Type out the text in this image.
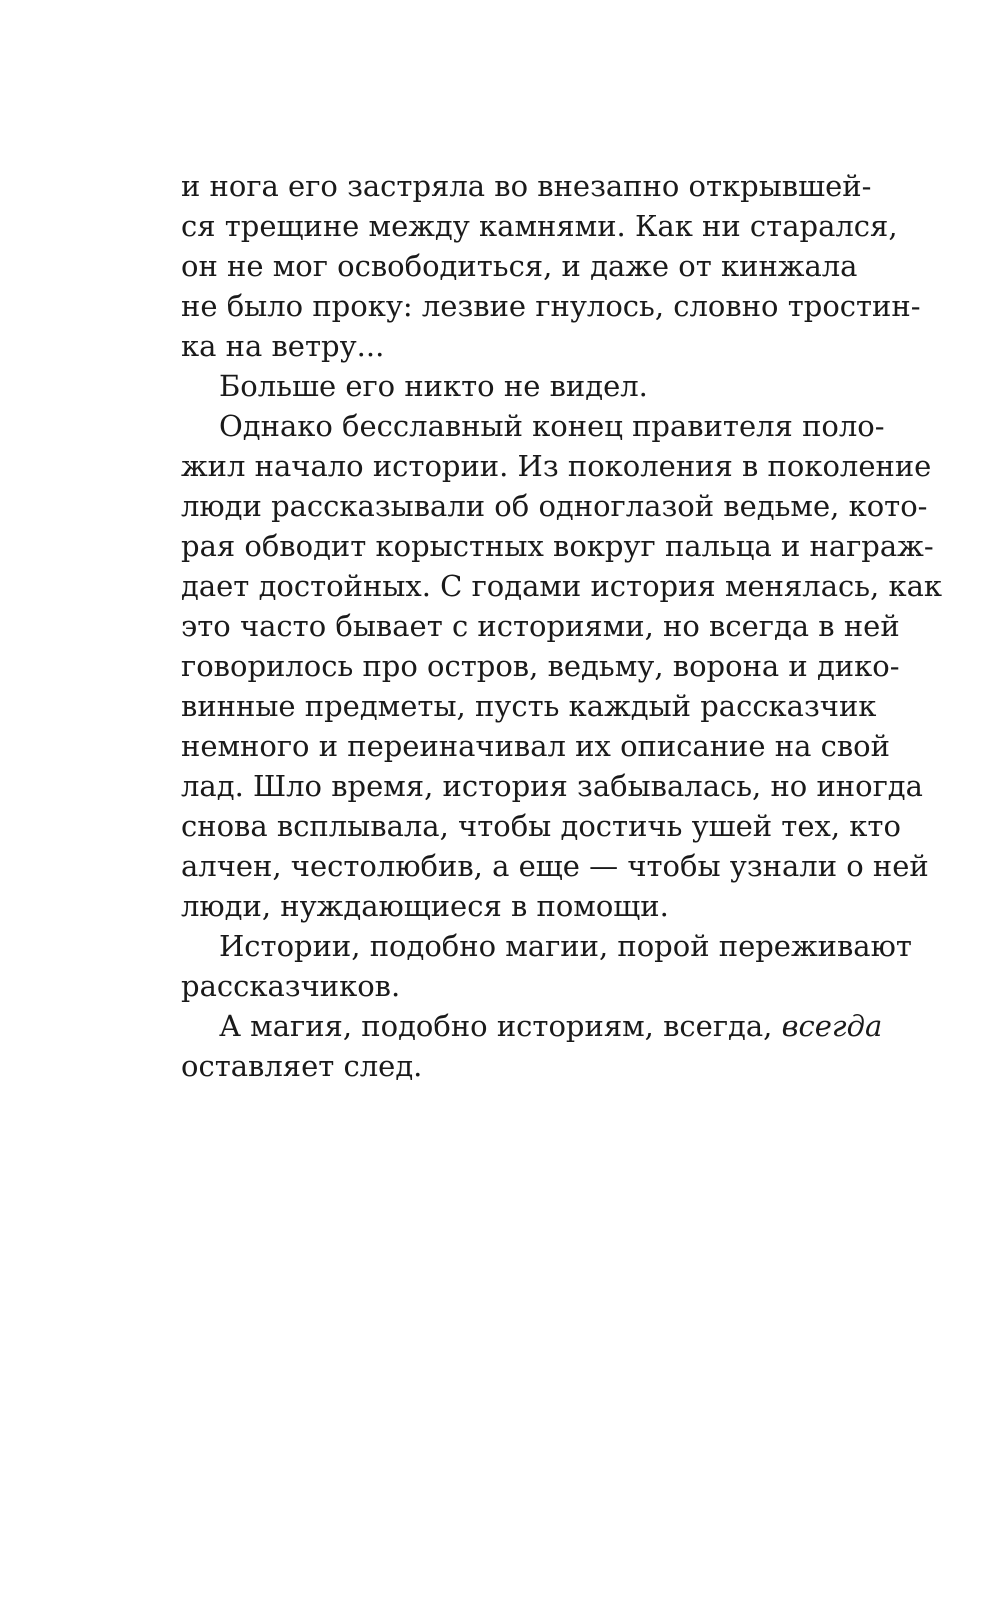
и нога его застряла во внезапно открывшей-
ся трещине между камнями. Как ни старался,
он не мог освободиться, и даже от кинжала
не было проку: лезвие гнулось, словно тростин-
ка на ветру...
Больше его никто не видел.
Однако бесславный конец правителя поло-
жил начало истории. Из поколения в поколение
люди рассказывали об одноглазой ведьме, кото-
рая обводит корыстных вокруг пальца и награж-
дает достойных. С годами история менялась, как
это часто бывает с историями, но всегда в ней
говорилось про остров, ведьму, ворона и дико-
винные предметы, пусть каждый рассказчик
немного и переиначивал их описание на свой
лад. Шло время, история забывалась, но иногда
снова всплывала, чтобы достичь ушей тех, кто
алчен, честолюбив, а еще — чтобы узнали о ней
люди, нуждающиеся в помощи.
Истории, подобно магии, порой переживают
рассказчиков.
А магия, подобно историям, всегда, всегда
оставляет след.
